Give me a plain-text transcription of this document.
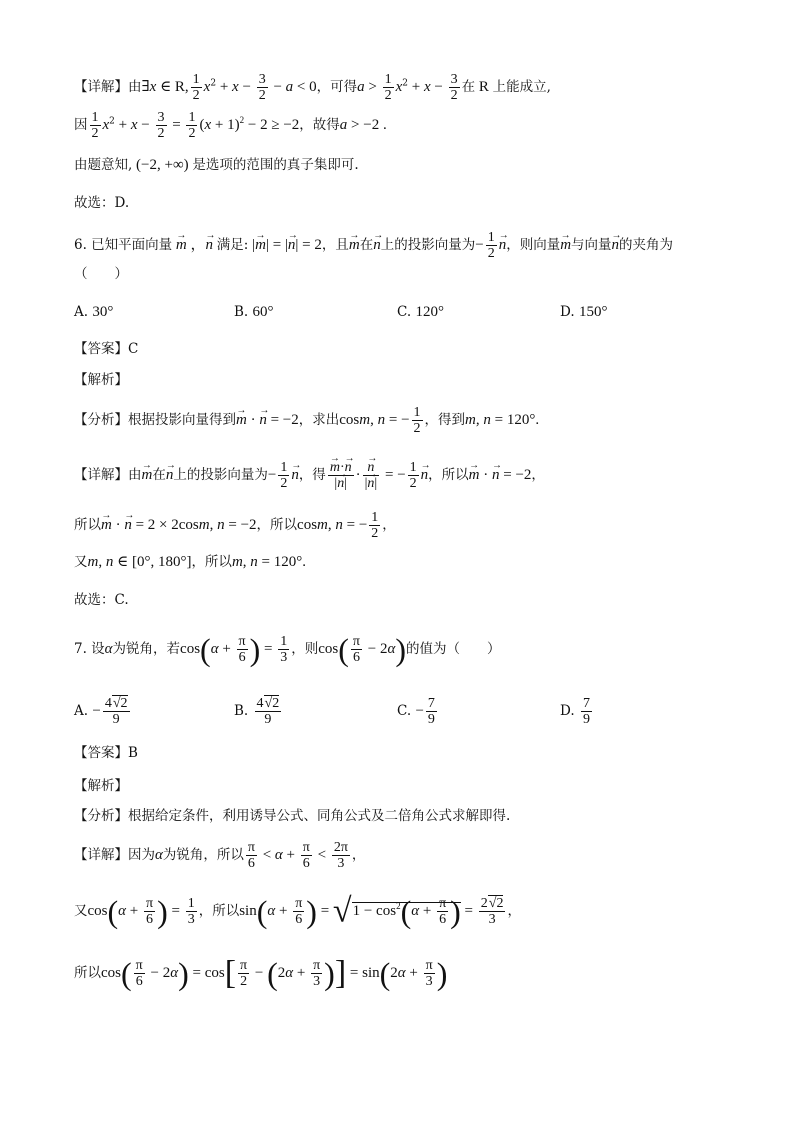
【详解】由∃x ∈ R, $\frac{1}{2} x^2 + x - \frac{3}{2} - a < 0$，可得$a > \frac{1}{2} x^2 + x - \frac{3}{2}$ 在 R 上能成立,
因 $\frac{1}{2} x^2 + x - \frac{3}{2} = \frac{1}{2} (x + 1)^2 - 2 \ge -2$，故得a > −2 .
由题意知, (−2, +∞) 是选项的范围的真子集即可.
故选：D.
6. 已知平面向量 → m ，→ n 满足: |→ m| = |→ n| = 2，且→ m在→ n上的投影向量为− $\frac{1}{2}$
→ n，则向量→ m与向量→ n的夹角为
（　　）
A. 30°	B. 60°	C. 120°	D. 150°
【答案】C
【解析】
【分析】根据投影向量得到→ m · → n = −2，求出cosm, n = − $\frac{1}{2}$ ，得到m, n = 120°.
【详解】由→ m在→ n上的投影向量为− $\frac{1}{2}$
→ n，得
→ $\frac{m\cdot\to n}{|\to n|}$ ·
→ $\frac{n}{|\to n|}$ = − $\frac{1}{2}$
→ n，所以→ m · → n = −2，
所以→ m · → n = 2 × 2cosm, n = −2，所以cosm, n = − $\frac{1}{2}$ ，
又m, n ∈ [0°, 180°]，所以m, n = 120°.
故选：C.
7. 设α为锐角，若$\cos(\alpha + \frac{\pi}{6}$ ) = $\frac{1}{3}$ ，则$\cos( \frac{\pi}{6} - 2\alpha)$的值为（　　）
A. − $\frac{4√2}{9}$	B. $\frac{4√2}{9}$	C. − $\frac{7}{9}$	D. $\frac{7}{9}$
【答案】B
【解析】
【分析】根据给定条件，利用诱导公式、同角公式及二倍角公式求解即得.
【详解】因为α为锐角，所以 $\frac{\pi}{6} < \alpha + \frac{\pi}{6} < \frac{2\pi}{3}$ ，
又$\cos(\alpha + \frac{\pi}{6}$ ) = $\frac{1}{3}$ ，所以$\sin(\alpha + \frac{\pi}{6}$ ) = $√1 - \cos^2(\alpha + \frac{\pi}{6}$ ) = $\frac{2√2}{3}$ ，
所以$\cos( \frac{\pi}{6} - 2\alpha) = \cos[ \frac{\pi}{2} - (2\alpha + \frac{\pi}{3}$ )] = $\sin(2\alpha + \frac{\pi}{3}$ )
